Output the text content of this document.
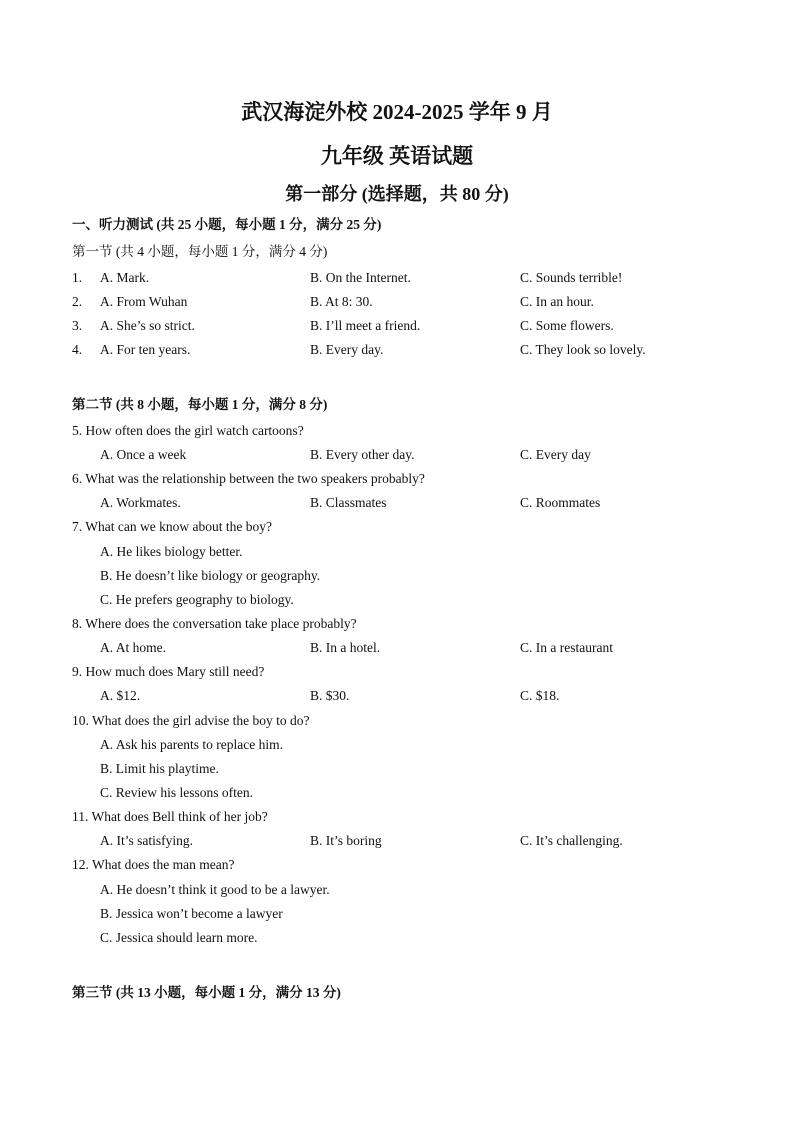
武汉海淀外校 2024-2025 学年 9 月
九年级 英语试题
第一部分 (选择题，共 80 分)
一、听力测试 (共 25 小题，每小题 1 分，满分 25 分)
第一节 (共 4 小题，每小题 1 分，满分 4 分)
1. A. Mark.	B. On the Internet.	C. Sounds terrible!
2. A. From Wuhan	B. At 8: 30.	C. In an hour.
3. A. She’s so strict.	B. I’ll meet a friend.	C. Some flowers.
4. A. For ten years.	B. Every day.	C. They look so lovely.
第二节 (共 8 小题，每小题 1 分，满分 8 分)
5. How often does the girl watch cartoons?
A. Once a week	B. Every other day.	C. Every day
6. What was the relationship between the two speakers probably?
A. Workmates.	B. Classmates	C. Roommates
7. What can we know about the boy?
A. He likes biology better.
B. He doesn’t like biology or geography.
C. He prefers geography to biology.
8. Where does the conversation take place probably?
A. At home.	B. In a hotel.	C. In a restaurant
9. How much does Mary still need?
A. $12.	B. $30.	C. $18.
10. What does the girl advise the boy to do?
A. Ask his parents to replace him.
B. Limit his playtime.
C. Review his lessons often.
11. What does Bell think of her job?
A. It’s satisfying.	B. It’s boring	C. It’s challenging.
12. What does the man mean?
A. He doesn’t think it good to be a lawyer.
B. Jessica won’t become a lawyer
C. Jessica should learn more.
第三节 (共 13 小题，每小题 1 分，满分 13 分)
